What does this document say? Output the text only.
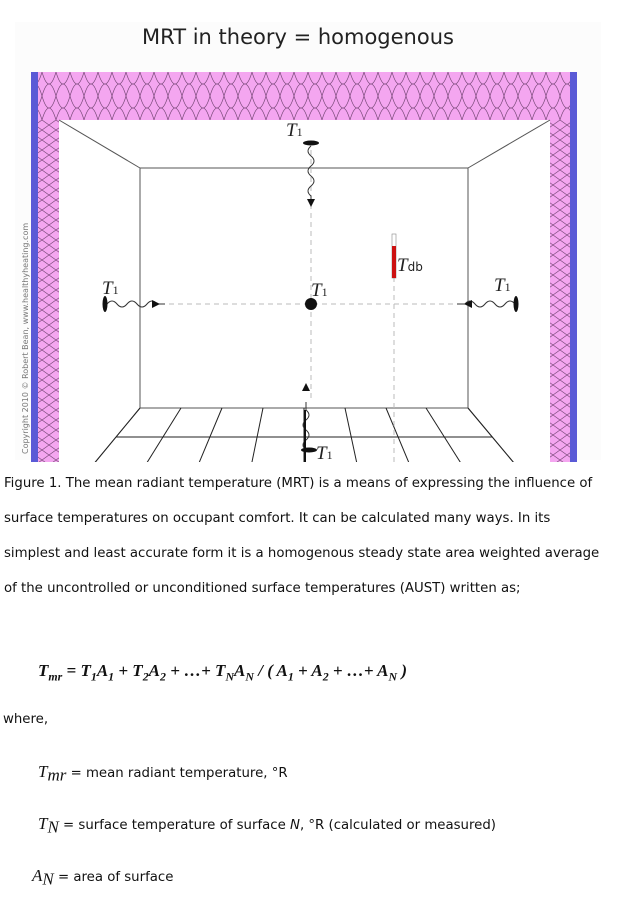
MRT in theory = homogenous
T1
T1	T1	T1
T1
Tdb
Copyright 2010 © Robert Bean, www.healthyheating.com

Figure 1. The mean radiant temperature (MRT) is a means of expressing the influence of surface temperatures on occupant comfort. It can be calculated many ways. In its simplest and least accurate form it is a homogenous steady state area weighted average of the uncontrolled or unconditioned surface temperatures (AUST) written as;

$T_{mr} = T_1A_1 + T_2A_2$ + …+ $T_NA_N$ / ( $A_1 + A_2$ + …+ $A_N$ )
where,
$T_{mr}$ = mean radiant temperature, °R
$T_N$ = surface temperature of surface N, °R (calculated or measured)
$A_N$ = area of surface
